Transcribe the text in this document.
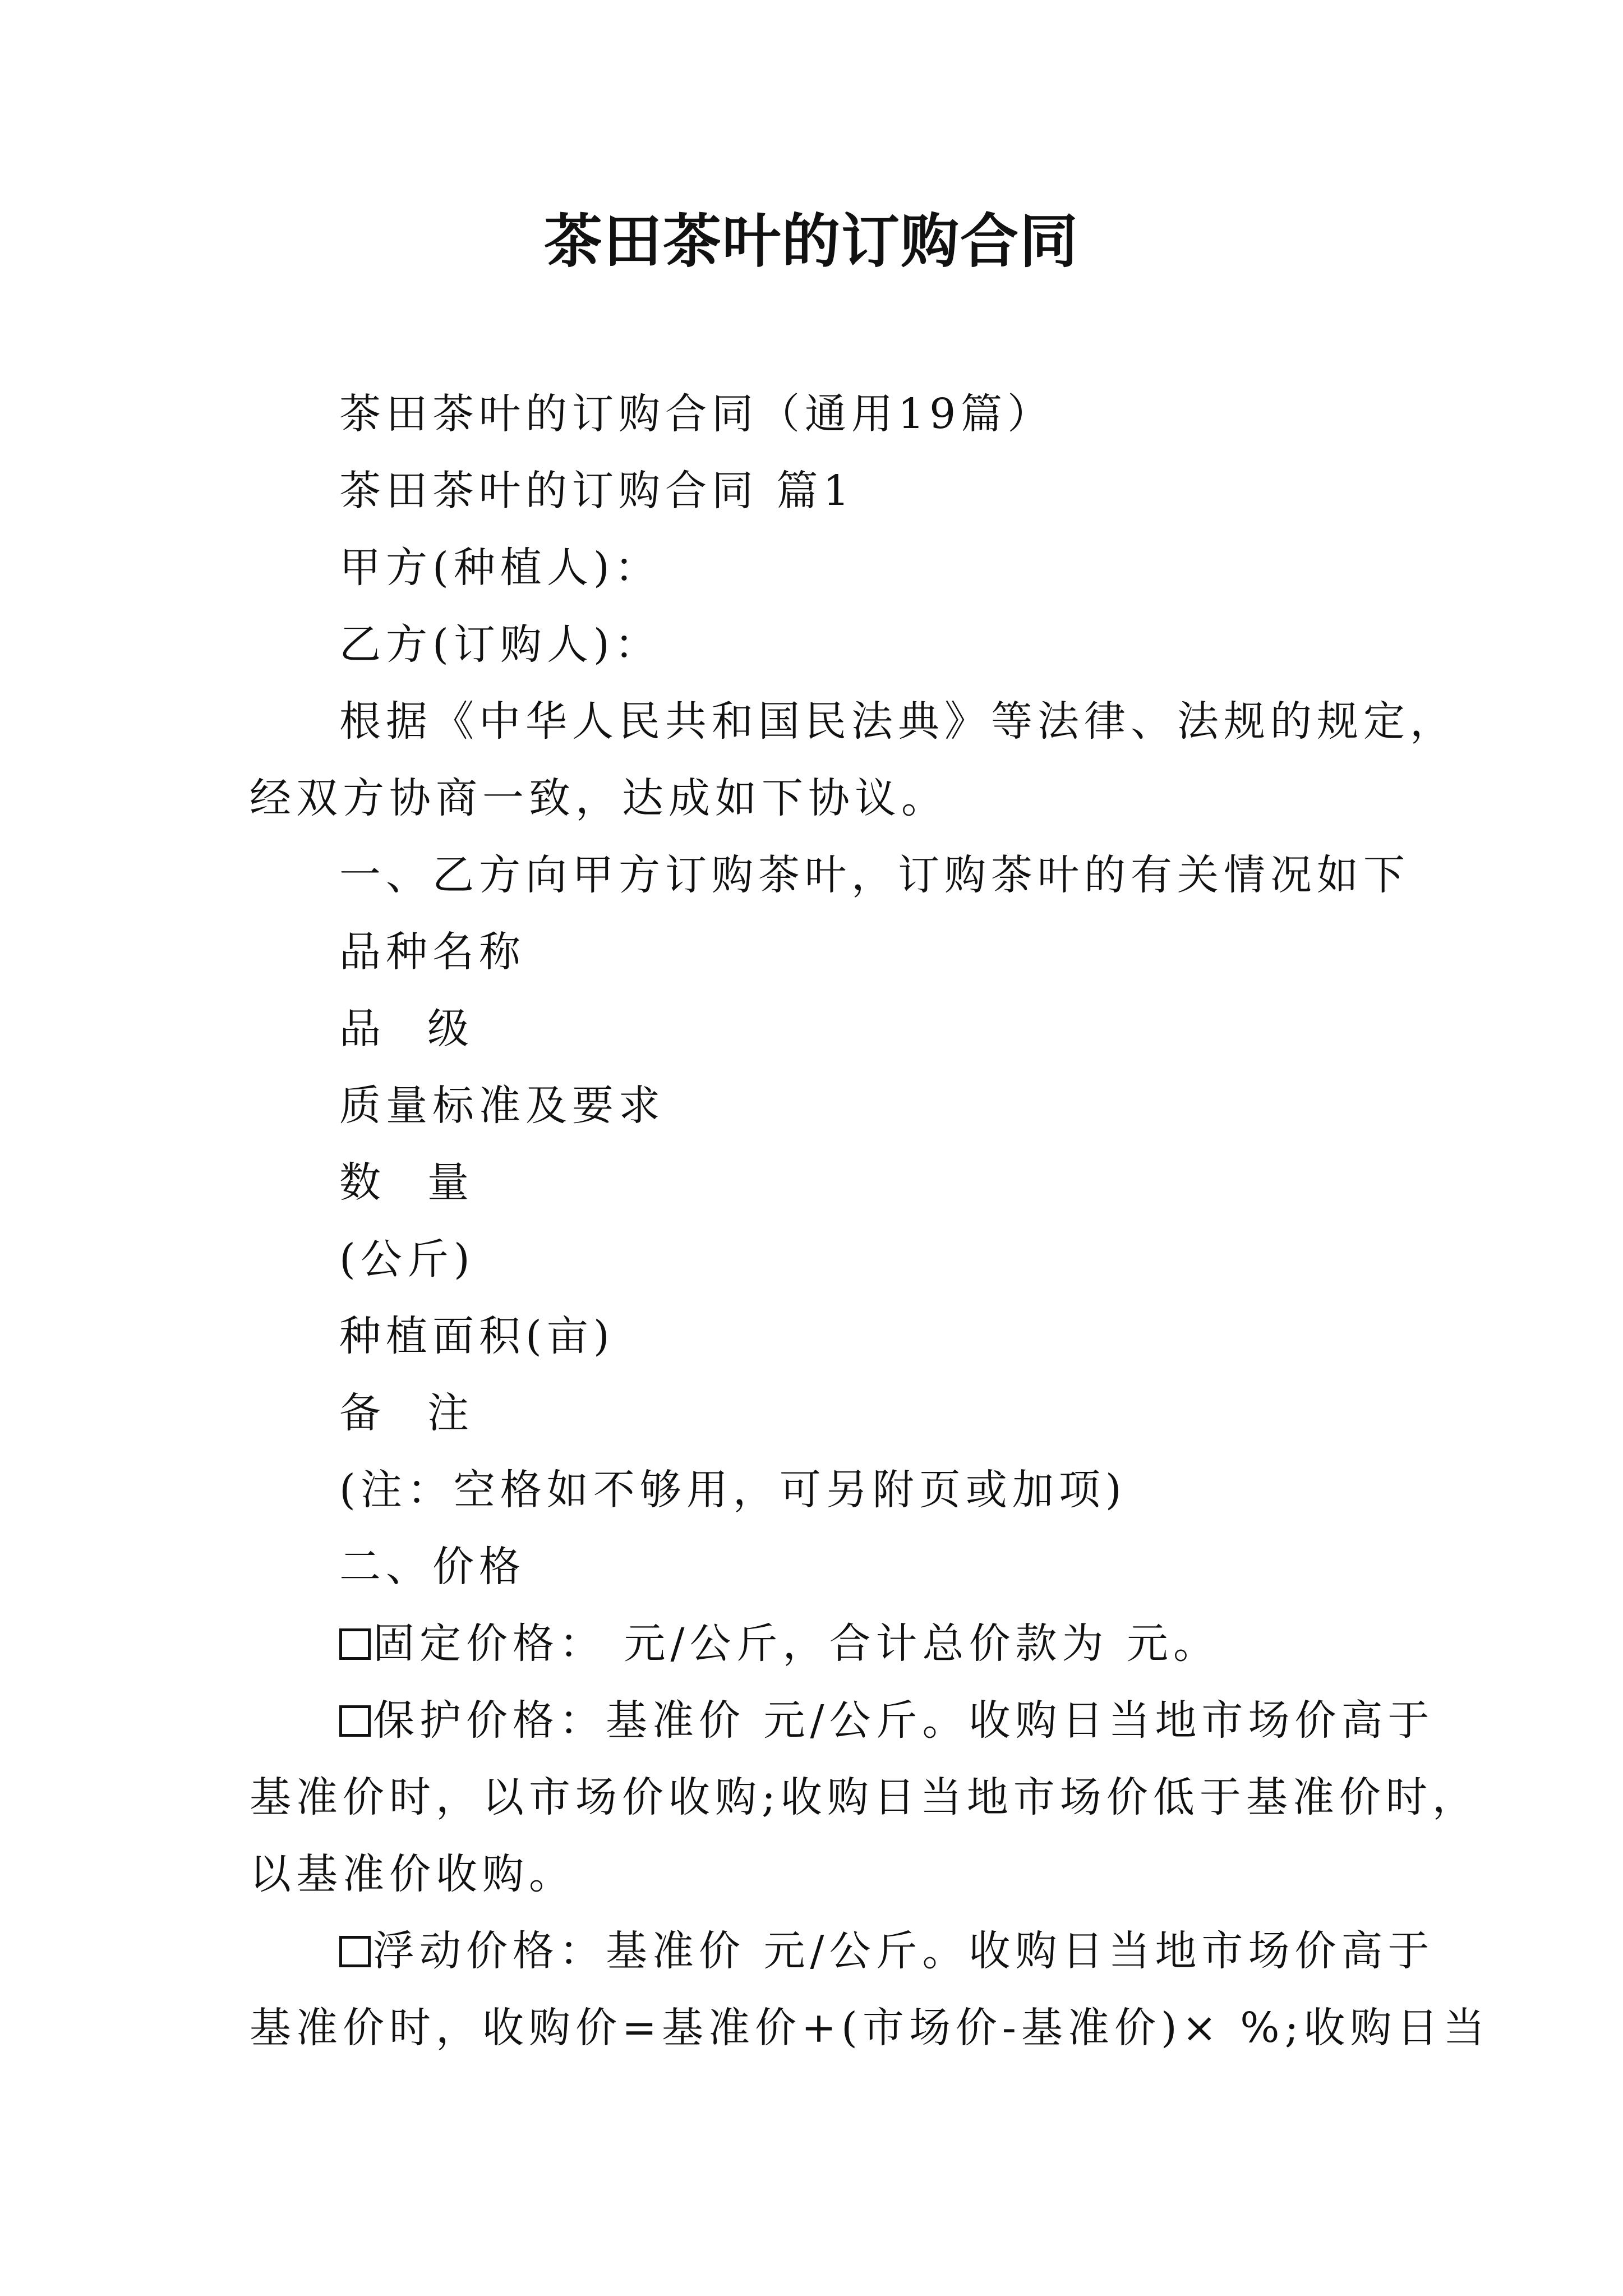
茶田茶叶的订购合同
茶田茶叶的订购合同（通用19篇）
茶田茶叶的订购合同 篇1
甲方(种植人)：
乙方(订购人)：
根据《中华人民共和国民法典》等法律、法规的规定，
经双方协商一致，达成如下协议。
一、乙方向甲方订购茶叶，订购茶叶的有关情况如下
品种名称
品 级
质量标准及要求
数 量
(公斤)
种植面积(亩)
备 注
(注：空格如不够用，可另附页或加项)
二、价格
固定价格： 元/公斤，合计总价款为 元。
保护价格：基准价 元/公斤。收购日当地市场价高于
基准价时，以市场价收购;收购日当地市场价低于基准价时，
以基准价收购。
浮动价格：基准价 元/公斤。收购日当地市场价高于
基准价时，收购价=基准价+(市场价-基准价)× %;收购日当
